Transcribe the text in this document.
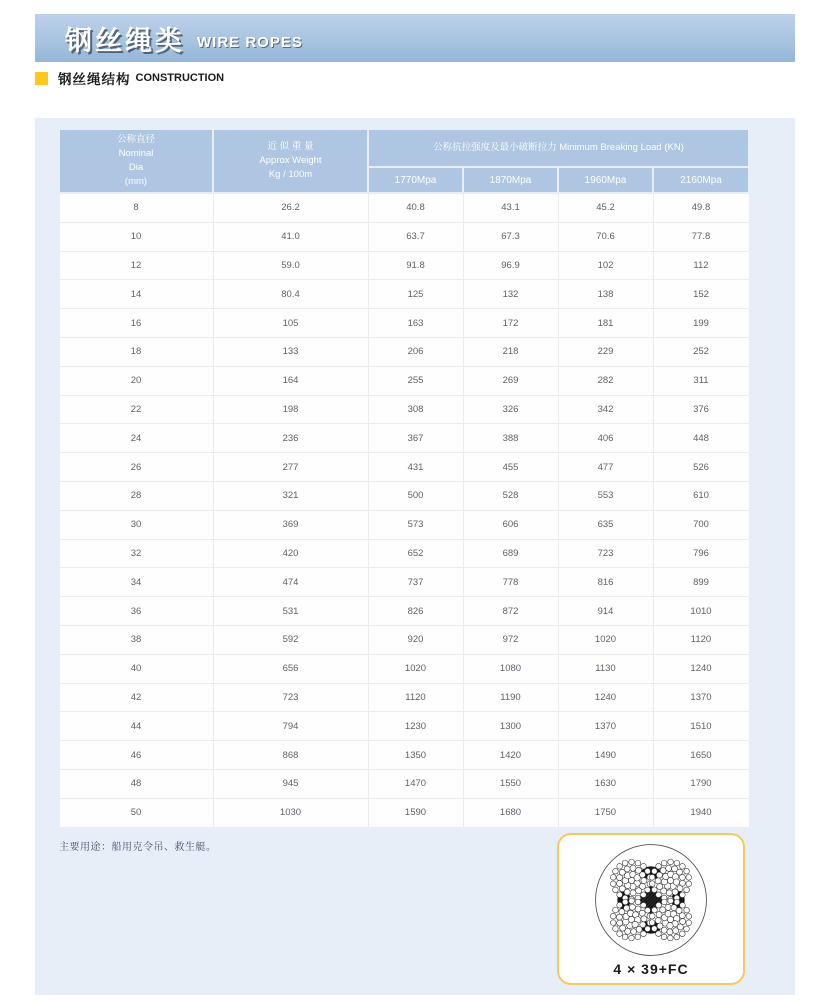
钢丝绳类 WIRE ROPES
钢丝绳结构 CONSTRUCTION
公称直径
Nominal
Dia
(mm)	近 似 重 量
Approx Weight
Kg / 100m	公称抗拉强度及最小破断拉力 Minimum Breaking Load (KN)			
		1770Mpa	1870Mpa	1960Mpa	2160Mpa
8	26.2	40.8	43.1	45.2	49.8
10	41.0	63.7	67.3	70.6	77.8
12	59.0	91.8	96.9	102	112
14	80.4	125	132	138	152
16	105	163	172	181	199
18	133	206	218	229	252
20	164	255	269	282	311
22	198	308	326	342	376
24	236	367	388	406	448
26	277	431	455	477	526
28	321	500	528	553	610
30	369	573	606	635	700
32	420	652	689	723	796
34	474	737	778	816	899
36	531	826	872	914	1010
38	592	920	972	1020	1120
40	656	1020	1080	1130	1240
42	723	1120	1190	1240	1370
44	794	1230	1300	1370	1510
46	868	1350	1420	1490	1650
48	945	1470	1550	1630	1790
50	1030	1590	1680	1750	1940
主要用途：船用克令吊、救生艇。
4 × 39+FC
